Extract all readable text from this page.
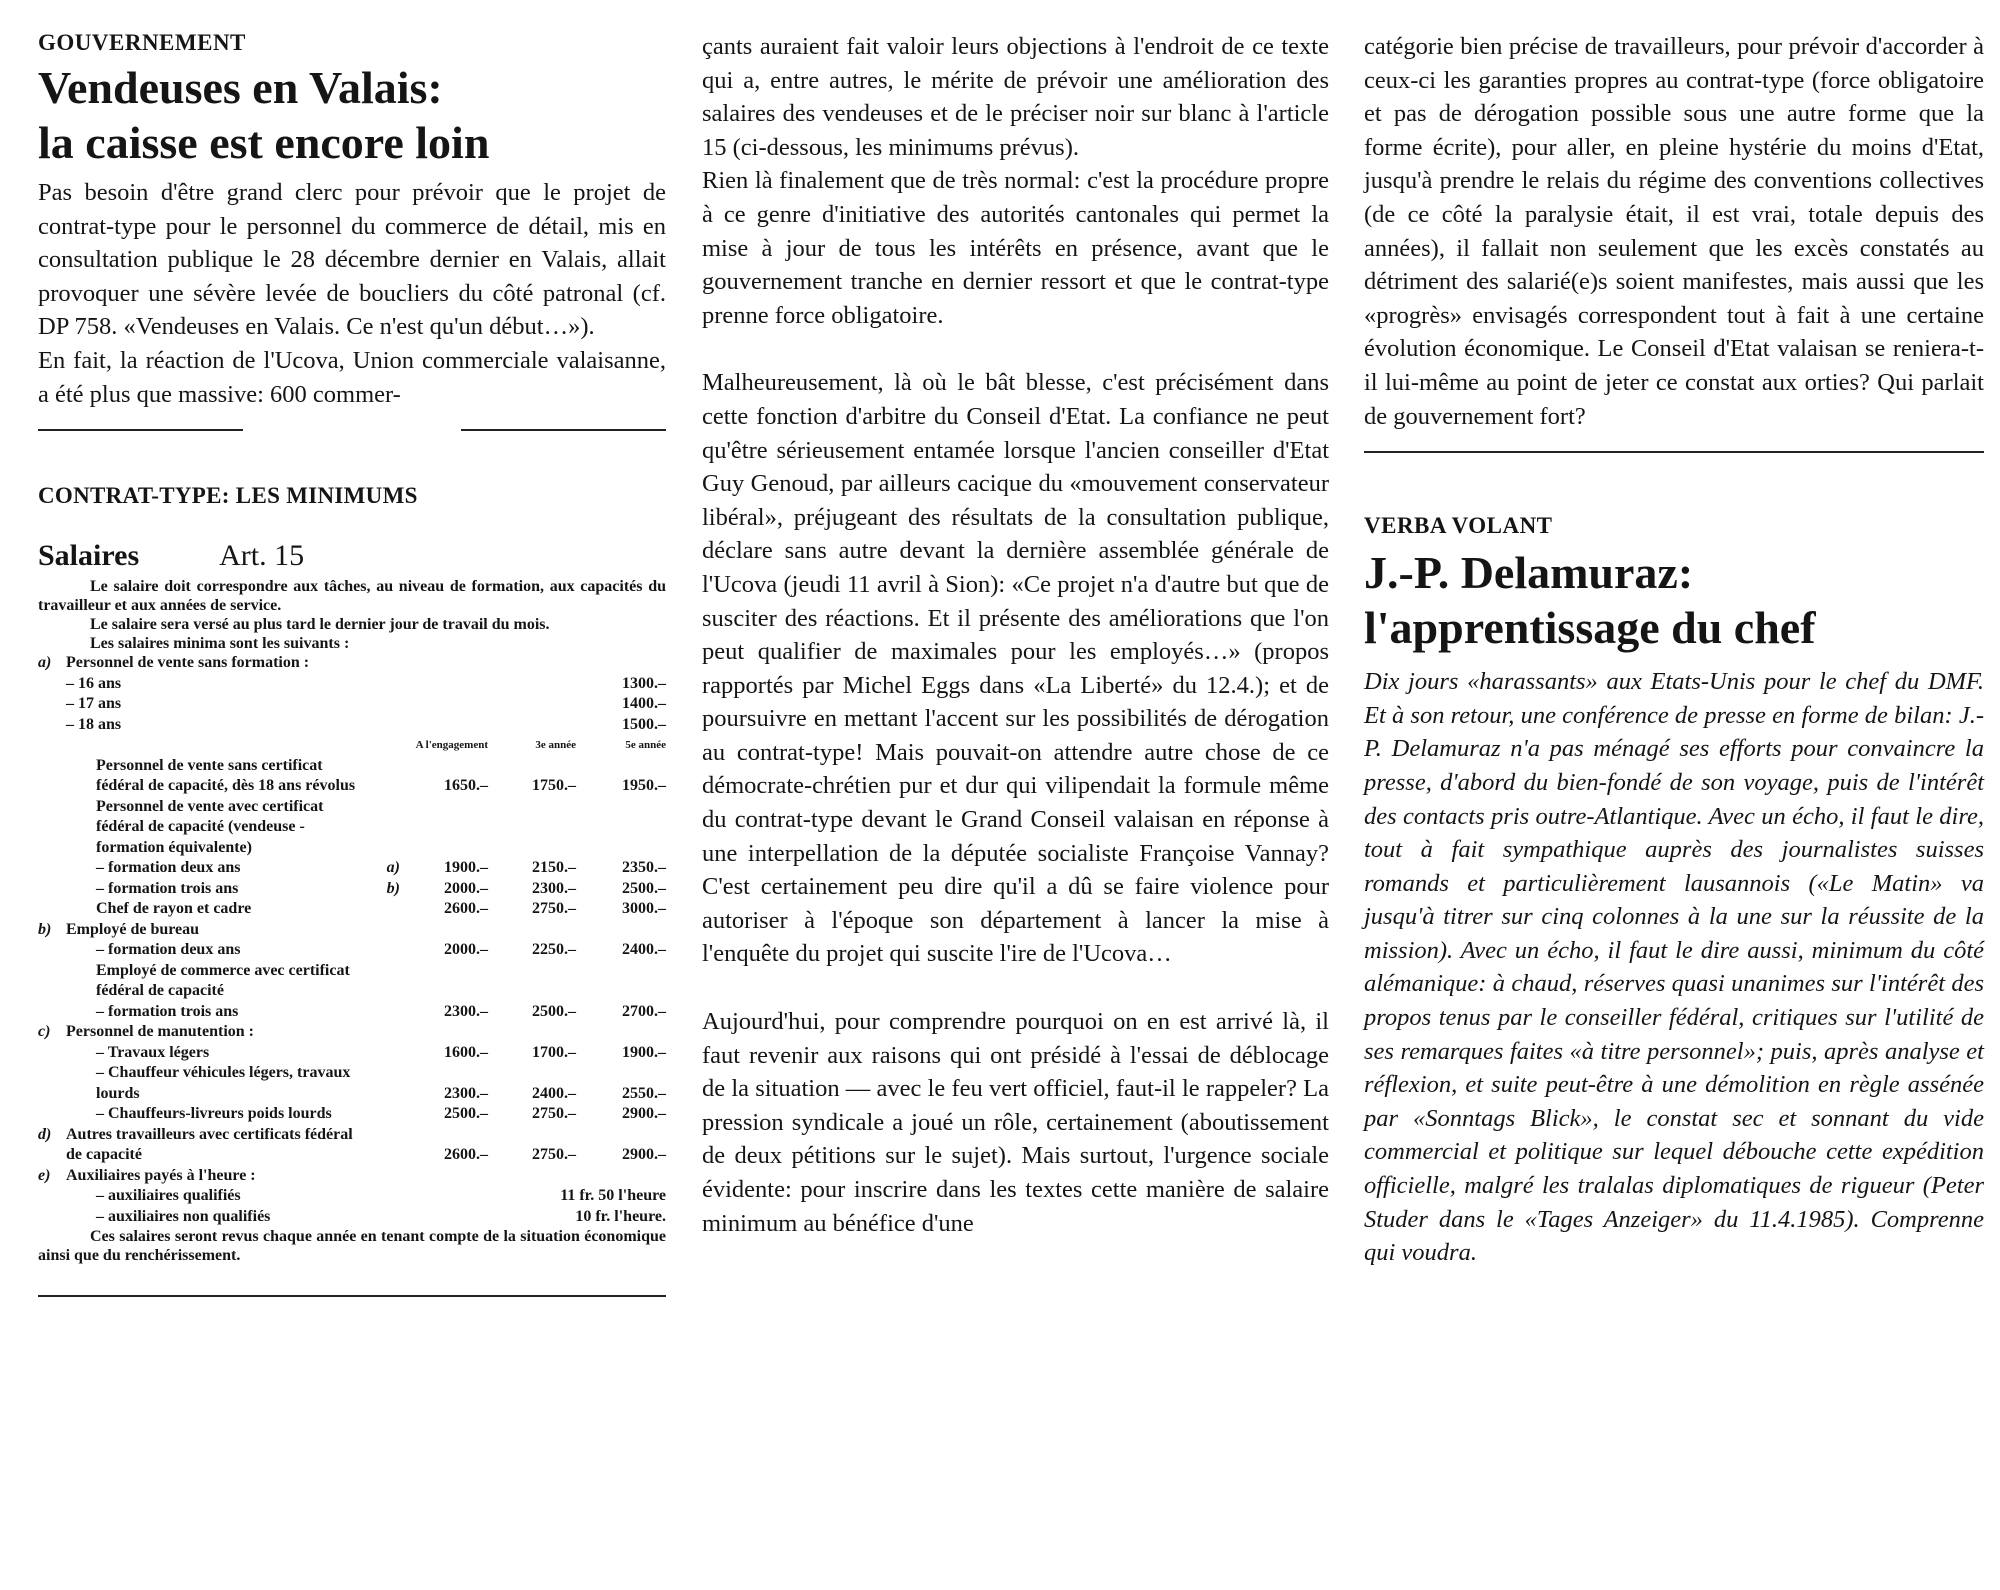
GOUVERNEMENT
Vendeuses en Valais:
la caisse est encore loin

Pas besoin d'être grand clerc pour prévoir que le projet de contrat-type pour le personnel du commerce de détail, mis en consultation publique le 28 décembre dernier en Valais, allait provoquer une sévère levée de boucliers du côté patronal (cf. DP 758. «Vendeuses en Valais. Ce n'est qu'un début…»).

En fait, la réaction de l'Ucova, Union commerciale valaisanne, a été plus que massive: 600 commer-

CONTRAT-TYPE: LES MINIMUMS
Salaires	Art. 15
Le salaire doit correspondre aux tâches, au niveau de formation, aux capacités du travailleur et aux années de service.
Le salaire sera versé au plus tard le dernier jour de travail du mois.
Les salaires minima sont les suivants :
a)	Personnel de vente sans formation :			
	– 16 ans			1300.–
	– 17 ans			1400.–
	– 18 ans			1500.–
		A l'engagement	3e année	5e année
	Personnel de vente sans certificat fédéral de capacité, dès 18 ans révolus	1650.–	1750.–	1950.–
	Personnel de vente avec certificat fédéral de capacité (vendeuse - formation équivalente)			
	– formation deux ans a)	1900.–	2150.–	2350.–
	– formation trois ans b)	2000.–	2300.–	2500.–
	Chef de rayon et cadre	2600.–	2750.–	3000.–
b)	Employé de bureau			
	– formation deux ans	2000.–	2250.–	2400.–
	Employé de commerce avec certificat fédéral de capacité			
	– formation trois ans	2300.–	2500.–	2700.–
c)	Personnel de manutention :			
	– Travaux légers	1600.–	1700.–	1900.–
	– Chauffeur véhicules légers, travaux lourds	2300.–	2400.–	2550.–
	– Chauffeurs-livreurs poids lourds	2500.–	2750.–	2900.–
d)	Autres travailleurs avec certificats fédéral de capacité	2600.–	2750.–	2900.–
e)	Auxiliaires payés à l'heure :			
	– auxiliaires qualifiés		11 fr. 50 l'heure	
	– auxiliaires non qualifiés		10 fr. l'heure.	
Ces salaires seront revus chaque année en tenant compte de la situation économique ainsi que du renchérissement.

çants auraient fait valoir leurs objections à l'endroit de ce texte qui a, entre autres, le mérite de prévoir une amélioration des salaires des vendeuses et de le préciser noir sur blanc à l'article 15 (ci-dessous, les minimums prévus).

Rien là finalement que de très normal: c'est la procédure propre à ce genre d'initiative des autorités cantonales qui permet la mise à jour de tous les intérêts en présence, avant que le gouvernement tranche en dernier ressort et que le contrat-type prenne force obligatoire.

Malheureusement, là où le bât blesse, c'est précisément dans cette fonction d'arbitre du Conseil d'Etat. La confiance ne peut qu'être sérieusement entamée lorsque l'ancien conseiller d'Etat Guy Genoud, par ailleurs cacique du «mouvement conservateur libéral», préjugeant des résultats de la consultation publique, déclare sans autre devant la dernière assemblée générale de l'Ucova (jeudi 11 avril à Sion): «Ce projet n'a d'autre but que de susciter des réactions. Et il présente des améliorations que l'on peut qualifier de maximales pour les employés…» (propos rapportés par Michel Eggs dans «La Liberté» du 12.4.); et de poursuivre en mettant l'accent sur les possibilités de dérogation au contrat-type! Mais pouvait-on attendre autre chose de ce démocrate-chrétien pur et dur qui vilipendait la formule même du contrat-type devant le Grand Conseil valaisan en réponse à une interpellation de la députée socialiste Françoise Vannay? C'est certainement peu dire qu'il a dû se faire violence pour autoriser à l'époque son département à lancer la mise à l'enquête du projet qui suscite l'ire de l'Ucova…

Aujourd'hui, pour comprendre pourquoi on en est arrivé là, il faut revenir aux raisons qui ont présidé à l'essai de déblocage de la situation — avec le feu vert officiel, faut-il le rappeler? La pression syndicale a joué un rôle, certainement (aboutissement de deux pétitions sur le sujet). Mais surtout, l'urgence sociale évidente: pour inscrire dans les textes cette manière de salaire minimum au bénéfice d'une

catégorie bien précise de travailleurs, pour prévoir d'accorder à ceux-ci les garanties propres au contrat-type (force obligatoire et pas de dérogation possible sous une autre forme que la forme écrite), pour aller, en pleine hystérie du moins d'Etat, jusqu'à prendre le relais du régime des conventions collectives (de ce côté la paralysie était, il est vrai, totale depuis des années), il fallait non seulement que les excès constatés au détriment des salarié(e)s soient manifestes, mais aussi que les «progrès» envisagés correspondent tout à fait à une certaine évolution économique. Le Conseil d'Etat valaisan se reniera-t-il lui-même au point de jeter ce constat aux orties? Qui parlait de gouvernement fort?

VERBA VOLANT
J.-P. Delamuraz:
l'apprentissage du chef

Dix jours «harassants» aux Etats-Unis pour le chef du DMF. Et à son retour, une conférence de presse en forme de bilan: J.-P. Delamuraz n'a pas ménagé ses efforts pour convaincre la presse, d'abord du bien-fondé de son voyage, puis de l'intérêt des contacts pris outre-Atlantique. Avec un écho, il faut le dire, tout à fait sympathique auprès des journalistes suisses romands et particulièrement lausannois («Le Matin» va jusqu'à titrer sur cinq colonnes à la une sur la réussite de la mission). Avec un écho, il faut le dire aussi, minimum du côté alémanique: à chaud, réserves quasi unanimes sur l'intérêt des propos tenus par le conseiller fédéral, critiques sur l'utilité de ses remarques faites «à titre personnel»; puis, après analyse et réflexion, et suite peut-être à une démolition en règle assénée par «Sonntags Blick», le constat sec et sonnant du vide commercial et politique sur lequel débouche cette expédition officielle, malgré les tralalas diplomatiques de rigueur (Peter Studer dans le «Tages Anzeiger» du 11.4.1985). Comprenne qui voudra.
